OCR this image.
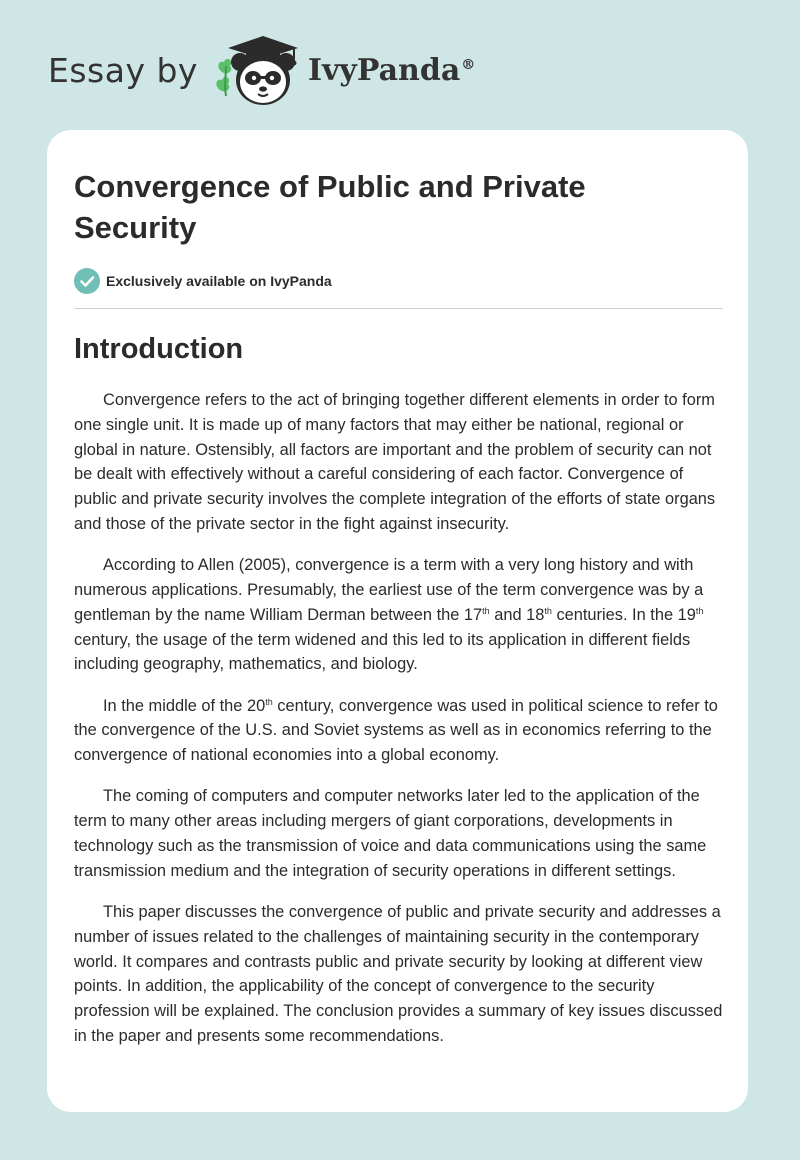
Essay by	IvyPanda®
Convergence of Public and Private Security
Exclusively available on IvyPanda
Introduction

Convergence refers to the act of bringing together different elements in order to form one single unit. It is made up of many factors that may either be national, regional or global in nature. Ostensibly, all factors are important and the problem of security can not be dealt with effectively without a careful considering of each factor. Convergence of public and private security involves the complete integration of the efforts of state organs and those of the private sector in the fight against insecurity.

According to Allen (2005), convergence is a term with a very long history and with numerous applications. Presumably, the earliest use of the term convergence was by a gentleman by the name William Derman between the 17th and 18th centuries. In the 19th century, the usage of the term widened and this led to its application in different fields including geography, mathematics, and biology.

In the middle of the 20th century, convergence was used in political science to refer to the convergence of the U.S. and Soviet systems as well as in economics referring to the convergence of national economies into a global economy.

The coming of computers and computer networks later led to the application of the term to many other areas including mergers of giant corporations, developments in technology such as the transmission of voice and data communications using the same transmission medium and the integration of security operations in different settings.

This paper discusses the convergence of public and private security and addresses a number of issues related to the challenges of maintaining security in the contemporary world. It compares and contrasts public and private security by looking at different view points. In addition, the applicability of the concept of convergence to the security profession will be explained. The conclusion provides a summary of key issues discussed in the paper and presents some recommendations.
